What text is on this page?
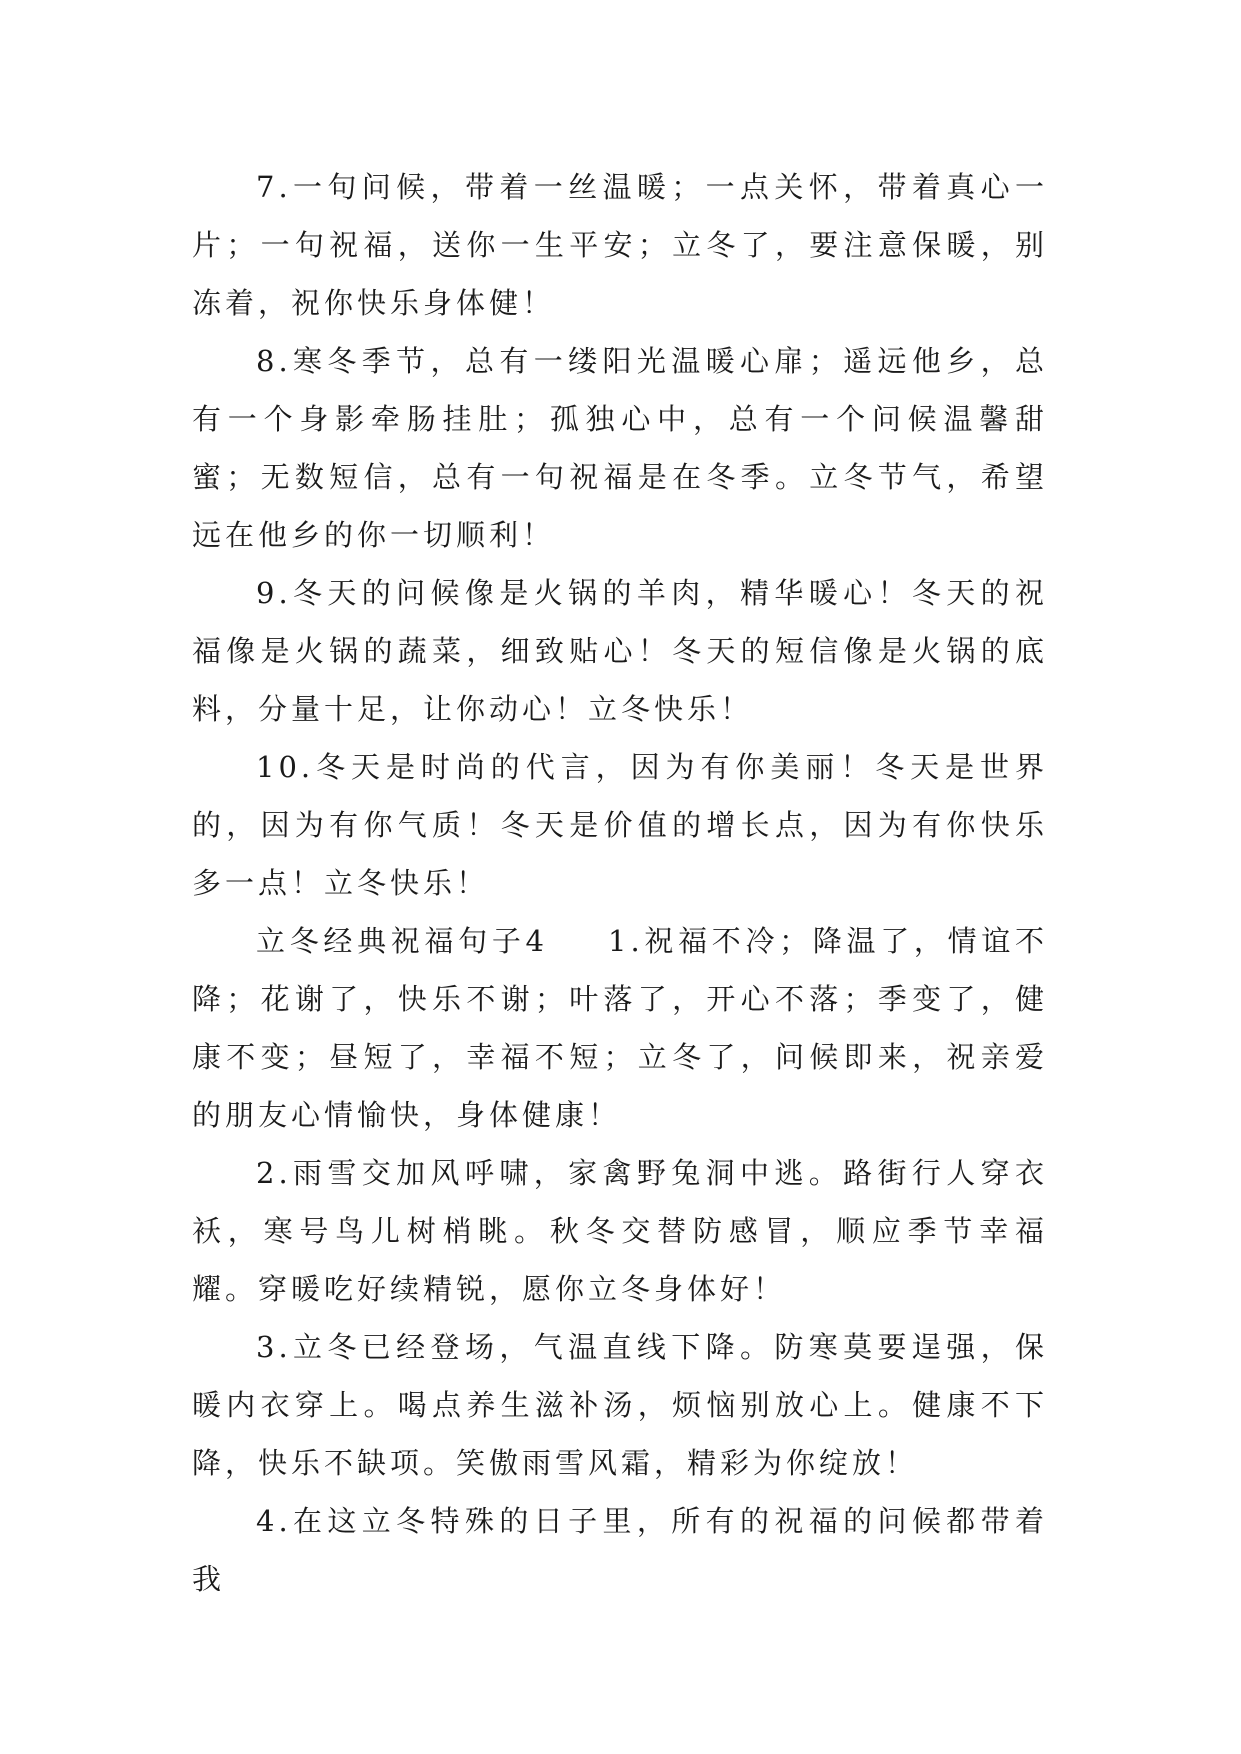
7.一句问候，带着一丝温暖；一点关怀，带着真心一片；一句祝福，送你一生平安；立冬了，要注意保暖，别冻着，祝你快乐身体健！

8.寒冬季节，总有一缕阳光温暖心扉；遥远他乡，总有一个身影牵肠挂肚；孤独心中，总有一个问候温馨甜蜜；无数短信，总有一句祝福是在冬季。立冬节气，希望远在他乡的你一切顺利！

9.冬天的问候像是火锅的羊肉，精华暖心！冬天的祝福像是火锅的蔬菜，细致贴心！冬天的短信像是火锅的底料，分量十足，让你动心！立冬快乐！

10.冬天是时尚的代言，因为有你美丽！冬天是世界的，因为有你气质！冬天是价值的增长点，因为有你快乐多一点！立冬快乐！

立冬经典祝福句子4 1.祝福不冷；降温了，情谊不降；花谢了，快乐不谢；叶落了，开心不落；季变了，健康不变；昼短了，幸福不短；立冬了，问候即来，祝亲爱的朋友心情愉快，身体健康！

2.雨雪交加风呼啸，家禽野兔洞中逃。路街行人穿衣袄，寒号鸟儿树梢眺。秋冬交替防感冒，顺应季节幸福耀。穿暖吃好续精锐，愿你立冬身体好！

3.立冬已经登场，气温直线下降。防寒莫要逞强，保暖内衣穿上。喝点养生滋补汤，烦恼别放心上。健康不下降，快乐不缺项。笑傲雨雪风霜，精彩为你绽放！

4.在这立冬特殊的日子里，所有的祝福的问候都带着我
